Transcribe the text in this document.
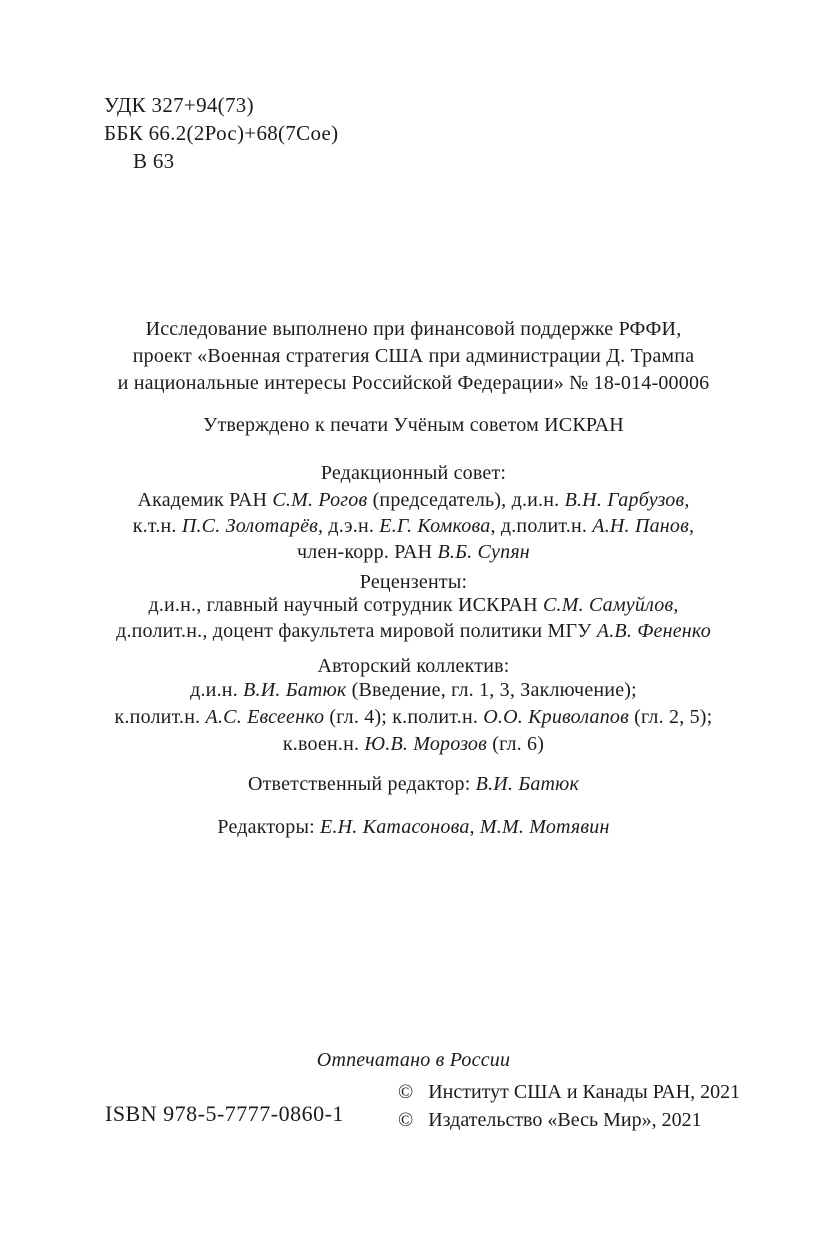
УДК 327+94(73)
ББК 66.2(2Рос)+68(7Сое)
В 63
Исследование выполнено при финансовой поддержке РФФИ,
проект «Военная стратегия США при администрации Д. Трампа
и национальные интересы Российской Федерации» № 18-014-00006
Утверждено к печати Учёным советом ИСКРАН
Редакционный совет:
Академик РАН С.М. Рогов (председатель), д.и.н. В.Н. Гарбузов,
к.т.н. П.С. Золотарёв, д.э.н. Е.Г. Комкова, д.полит.н. А.Н. Панов,
член-корр. РАН В.Б. Супян
Рецензенты:
д.и.н., главный научный сотрудник ИСКРАН С.М. Самуйлов,
д.полит.н., доцент факультета мировой политики МГУ А.В. Фененко
Авторский коллектив:
д.и.н. В.И. Батюк (Введение, гл. 1, 3, Заключение);
к.полит.н. А.С. Евсеенко (гл. 4); к.полит.н. О.О. Криволапов (гл. 2, 5);
к.воен.н. Ю.В. Морозов (гл. 6)
Ответственный редактор: В.И. Батюк
Редакторы: Е.Н. Катасонова, М.М. Мотявин
Отпечатано в России
ISBN 978-5-7777-0860-1
© Институт США и Канады РАН, 2021
© Издательство «Весь Мир», 2021
